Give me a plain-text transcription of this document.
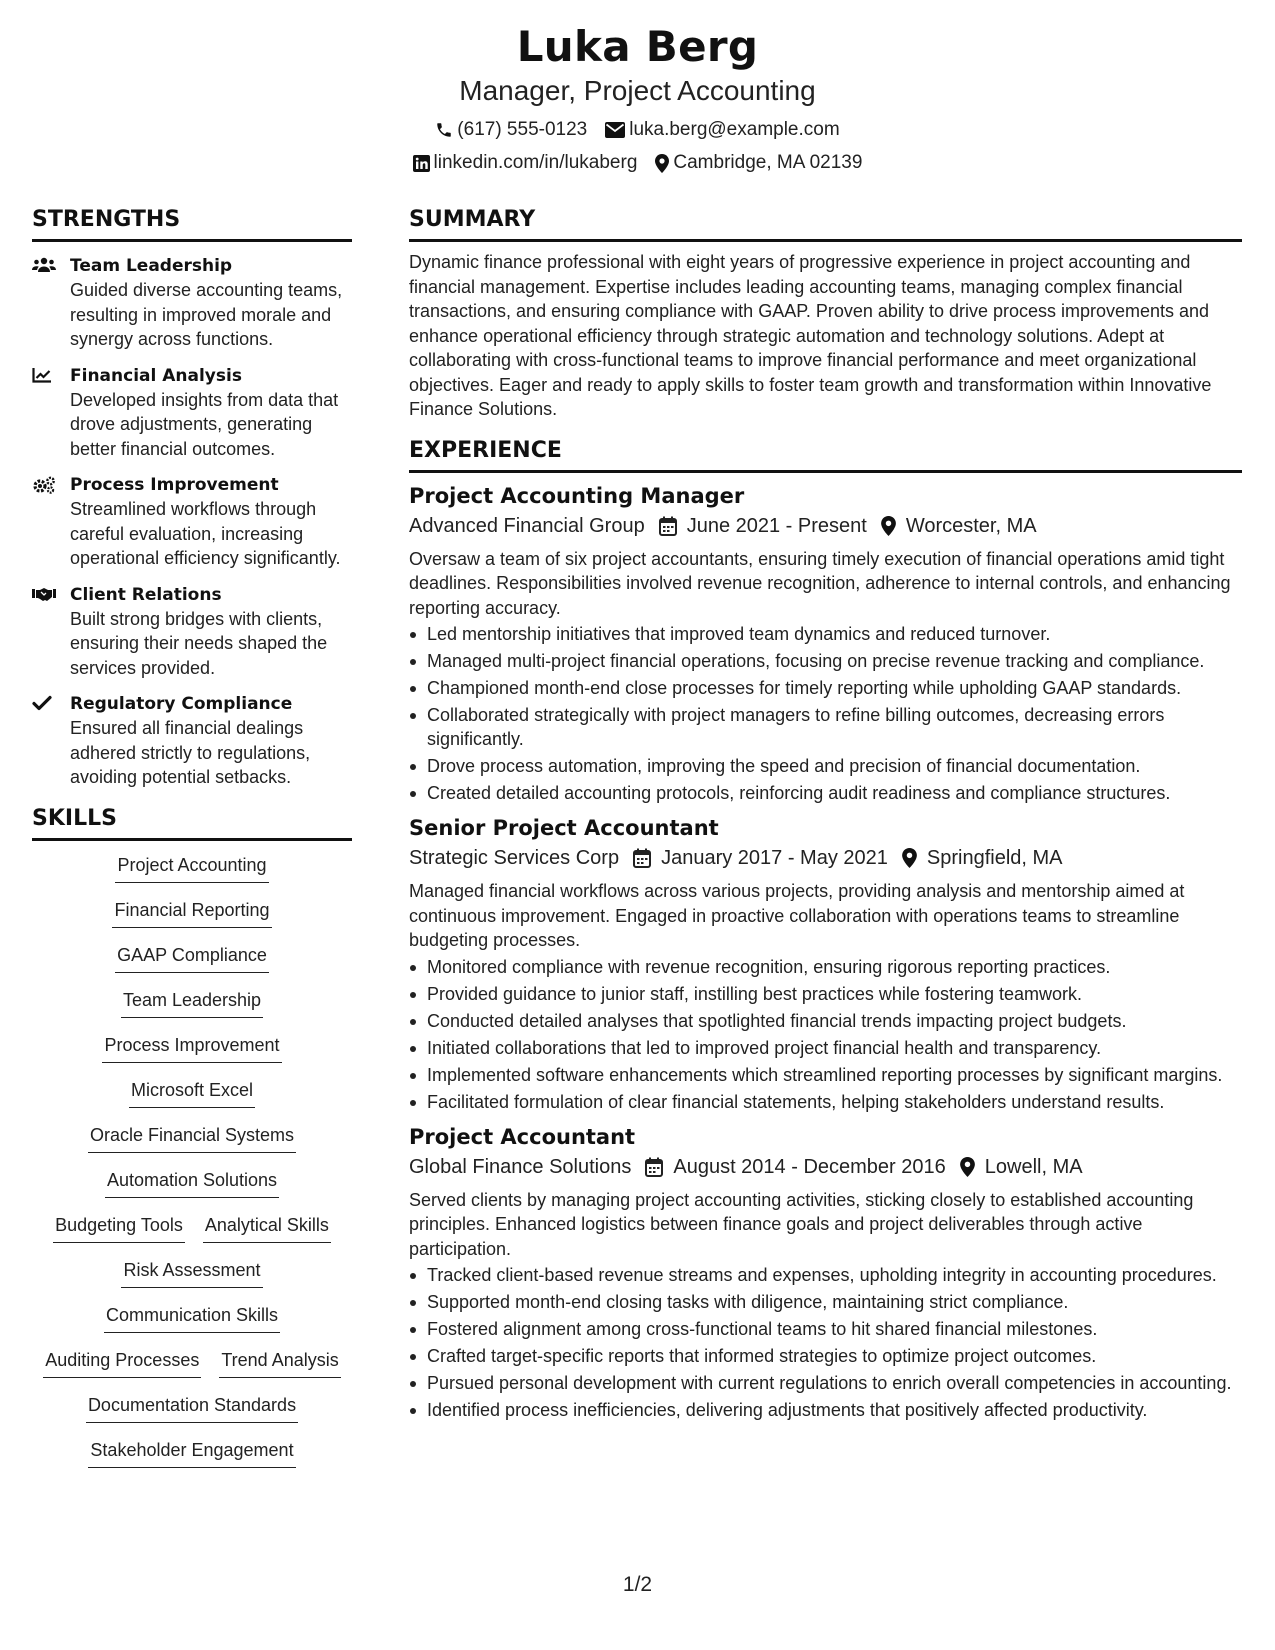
Luka Berg
Manager, Project Accounting
(617) 555-0123 luka.berg@example.com
linkedin.com/in/lukaberg Cambridge, MA 02139
STRENGTHS
Team Leadership
Guided diverse accounting teams, resulting in improved morale and synergy across functions.
Financial Analysis
Developed insights from data that drove adjustments, generating better financial outcomes.
Process Improvement
Streamlined workflows through careful evaluation, increasing operational efficiency significantly.
Client Relations
Built strong bridges with clients, ensuring their needs shaped the services provided.
Regulatory Compliance
Ensured all financial dealings adhered strictly to regulations, avoiding potential setbacks.
SKILLS
Project Accounting
Financial Reporting
GAAP Compliance
Team Leadership
Process Improvement
Microsoft Excel
Oracle Financial Systems
Automation Solutions
Budgeting Tools Analytical Skills
Risk Assessment
Communication Skills
Auditing Processes Trend Analysis
Documentation Standards
Stakeholder Engagement
SUMMARY
Dynamic finance professional with eight years of progressive experience in project accounting and financial management. Expertise includes leading accounting teams, managing complex financial transactions, and ensuring compliance with GAAP. Proven ability to drive process improvements and enhance operational efficiency through strategic automation and technology solutions. Adept at collaborating with cross-functional teams to improve financial performance and meet organizational objectives. Eager and ready to apply skills to foster team growth and transformation within Innovative Finance Solutions.
EXPERIENCE
Project Accounting Manager
Advanced Financial Group June 2021 - Present Worcester, MA
Oversaw a team of six project accountants, ensuring timely execution of financial operations amid tight deadlines. Responsibilities involved revenue recognition, adherence to internal controls, and enhancing reporting accuracy.
Led mentorship initiatives that improved team dynamics and reduced turnover.
Managed multi-project financial operations, focusing on precise revenue tracking and compliance.
Championed month-end close processes for timely reporting while upholding GAAP standards.
Collaborated strategically with project managers to refine billing outcomes, decreasing errors significantly.
Drove process automation, improving the speed and precision of financial documentation.
Created detailed accounting protocols, reinforcing audit readiness and compliance structures.
Senior Project Accountant
Strategic Services Corp January 2017 - May 2021 Springfield, MA
Managed financial workflows across various projects, providing analysis and mentorship aimed at continuous improvement. Engaged in proactive collaboration with operations teams to streamline budgeting processes.
Monitored compliance with revenue recognition, ensuring rigorous reporting practices.
Provided guidance to junior staff, instilling best practices while fostering teamwork.
Conducted detailed analyses that spotlighted financial trends impacting project budgets.
Initiated collaborations that led to improved project financial health and transparency.
Implemented software enhancements which streamlined reporting processes by significant margins.
Facilitated formulation of clear financial statements, helping stakeholders understand results.
Project Accountant
Global Finance Solutions August 2014 - December 2016 Lowell, MA
Served clients by managing project accounting activities, sticking closely to established accounting principles. Enhanced logistics between finance goals and project deliverables through active participation.
Tracked client-based revenue streams and expenses, upholding integrity in accounting procedures.
Supported month-end closing tasks with diligence, maintaining strict compliance.
Fostered alignment among cross-functional teams to hit shared financial milestones.
Crafted target-specific reports that informed strategies to optimize project outcomes.
Pursued personal development with current regulations to enrich overall competencies in accounting.
Identified process inefficiencies, delivering adjustments that positively affected productivity.
1/2
